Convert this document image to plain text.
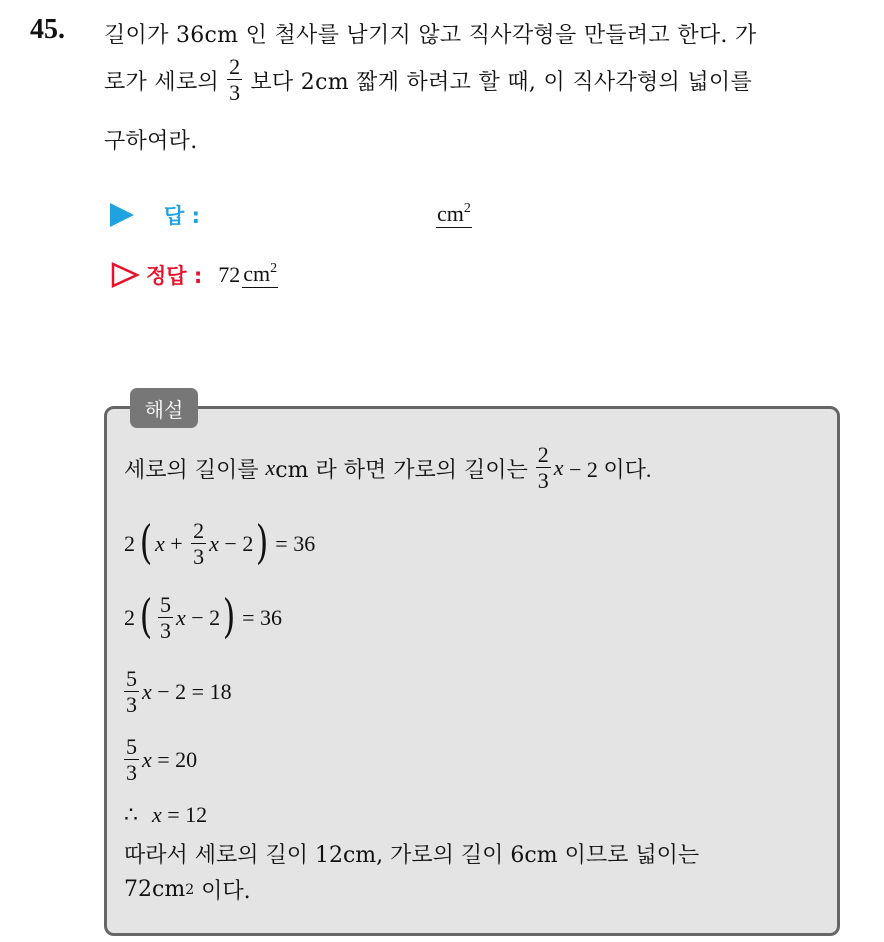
45. 길이가 36cm 인 철사를 남기지 않고 직사각형을 만들려고 한다. 가
로가 세로의 $\frac{2}{3}$ 보다 2cm 짧게 하려고 할 때, 이 직사각형의 넓이를
구하여라.
답 :	$cm^2$
정답 : 72 $cm^2$
해설
세로의 길이를 x cm 라 하면 가로의 길이는 $\frac{2}{3}$ x − 2 이다.
2 ( $x + \frac{2}{3}$ x − 2 ) = 36
2 ( $\frac{5}{3}$ x − 2 ) = 36
$\frac{5}{3}$ x − 2 = 18
$\frac{5}{3}$ x = 20
∴ x = 12
따라서 세로의 길이 12cm, 가로의 길이 6cm 이므로 넓이는
72cm 2 이다.
